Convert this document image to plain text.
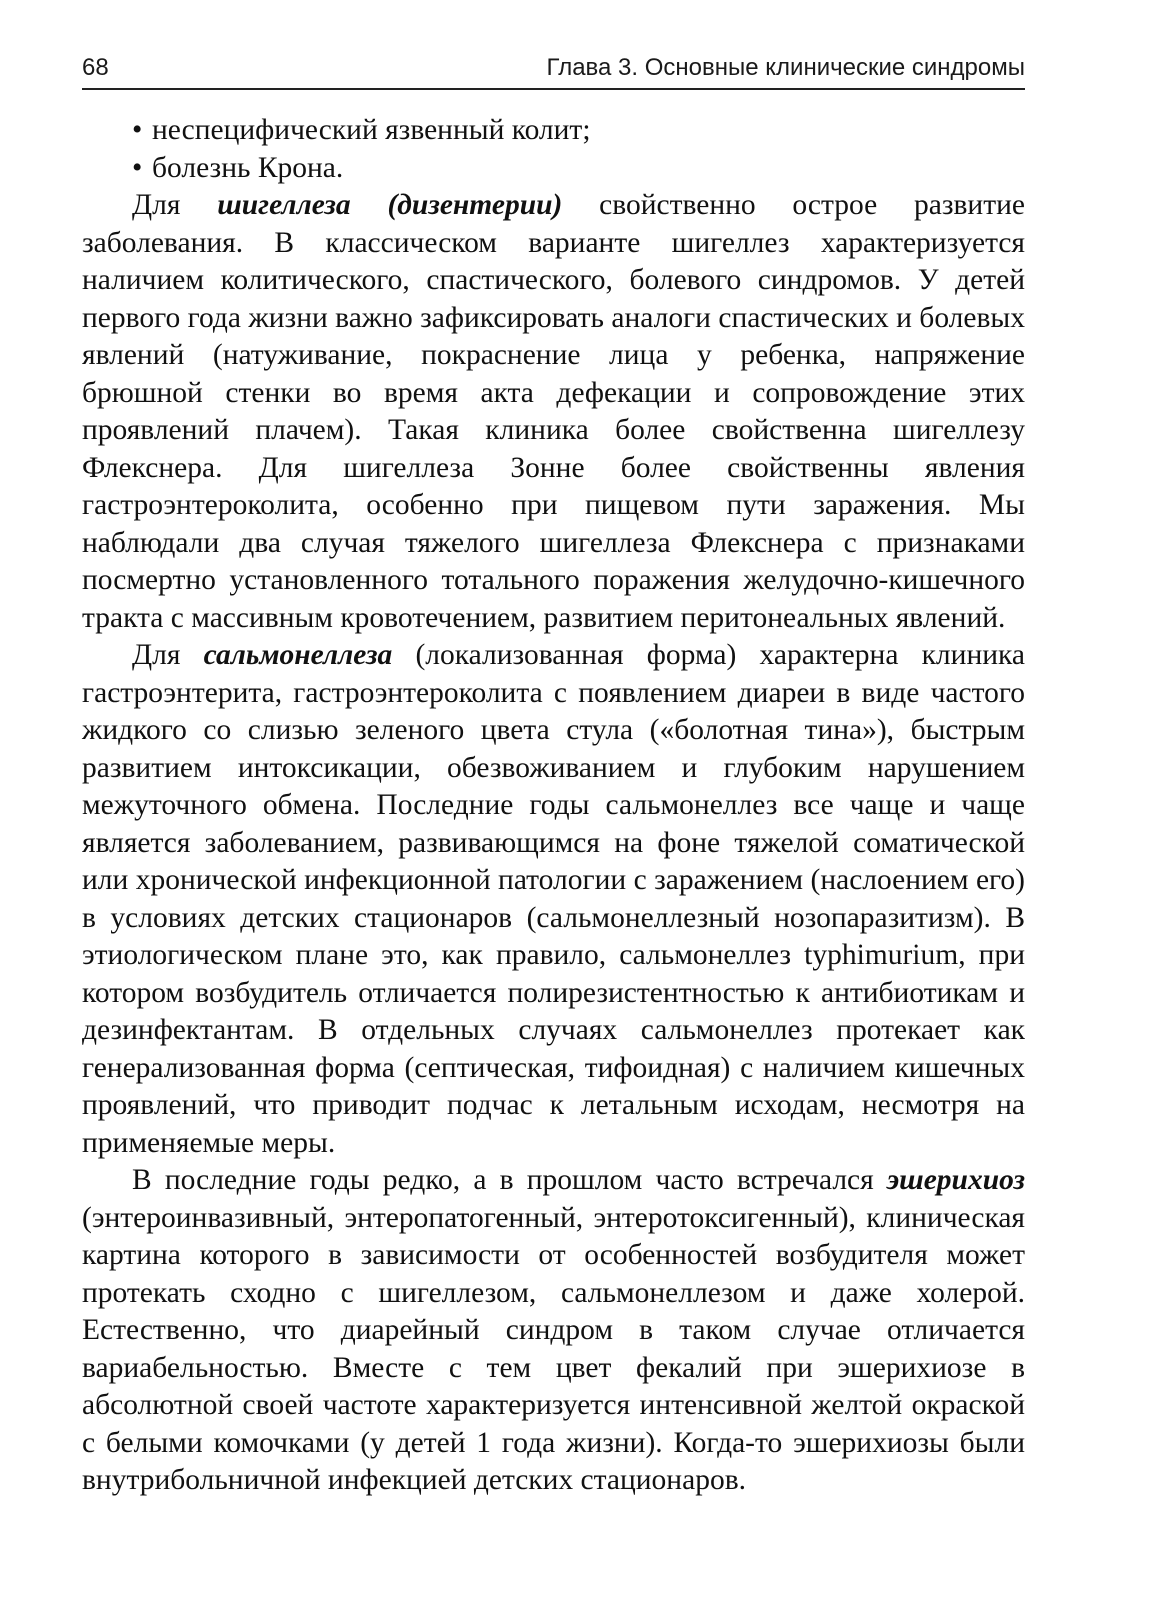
68	Глава 3. Основные клинические синдромы
• неспецифический язвенный колит;
• болезнь Крона.

Для шигеллеза (дизентерии) свойственно острое развитие заболевания. В классическом варианте шигеллез характеризуется наличием колитического, спастического, болевого синдромов. У детей первого года жизни важно зафиксировать аналоги спастических и болевых явлений (натуживание, покраснение лица у ребенка, напряжение брюшной стенки во время акта дефекации и сопровождение этих проявлений плачем). Такая клиника более свойственна шигеллезу Флекснера. Для шигеллеза Зонне более свойственны явления гастроэнтероколита, особенно при пищевом пути заражения. Мы наблюдали два случая тяжелого шигеллеза Флекснера с признаками посмертно установленного тотального поражения желудочно-кишечного тракта с массивным кровотечением, развитием перитонеальных явлений.

Для сальмонеллеза (локализованная форма) характерна клиника гастроэнтерита, гастроэнтероколита с появлением диареи в виде частого жидкого со слизью зеленого цвета стула («болотная тина»), быстрым развитием интоксикации, обезвоживанием и глубоким нарушением межуточного обмена. Последние годы сальмонеллез все чаще и чаще является заболеванием, развивающимся на фоне тяжелой соматической или хронической инфекционной патологии с заражением (наслоением его) в условиях детских стационаров (сальмонеллезный нозопаразитизм). В этиологическом плане это, как правило, сальмонеллез typhimurium, при котором возбудитель отличается полирезистентностью к антибиотикам и дезинфектантам. В отдельных случаях сальмонеллез протекает как генерализованная форма (септическая, тифоидная) с наличием кишечных проявлений, что приводит подчас к летальным исходам, несмотря на применяемые меры.

В последние годы редко, а в прошлом часто встречался эшерихиоз (энтероинвазивный, энтеропатогенный, энтеротоксигенный), клиническая картина которого в зависимости от особенностей возбудителя может протекать сходно с шигеллезом, сальмонеллезом и даже холерой. Естественно, что диарейный синдром в таком случае отличается вариабельностью. Вместе с тем цвет фекалий при эшерихиозе в абсолютной своей частоте характеризуется интенсивной желтой окраской с белыми комочками (у детей 1 года жизни). Когда-то эшерихиозы были внутрибольничной инфекцией детских стационаров.
